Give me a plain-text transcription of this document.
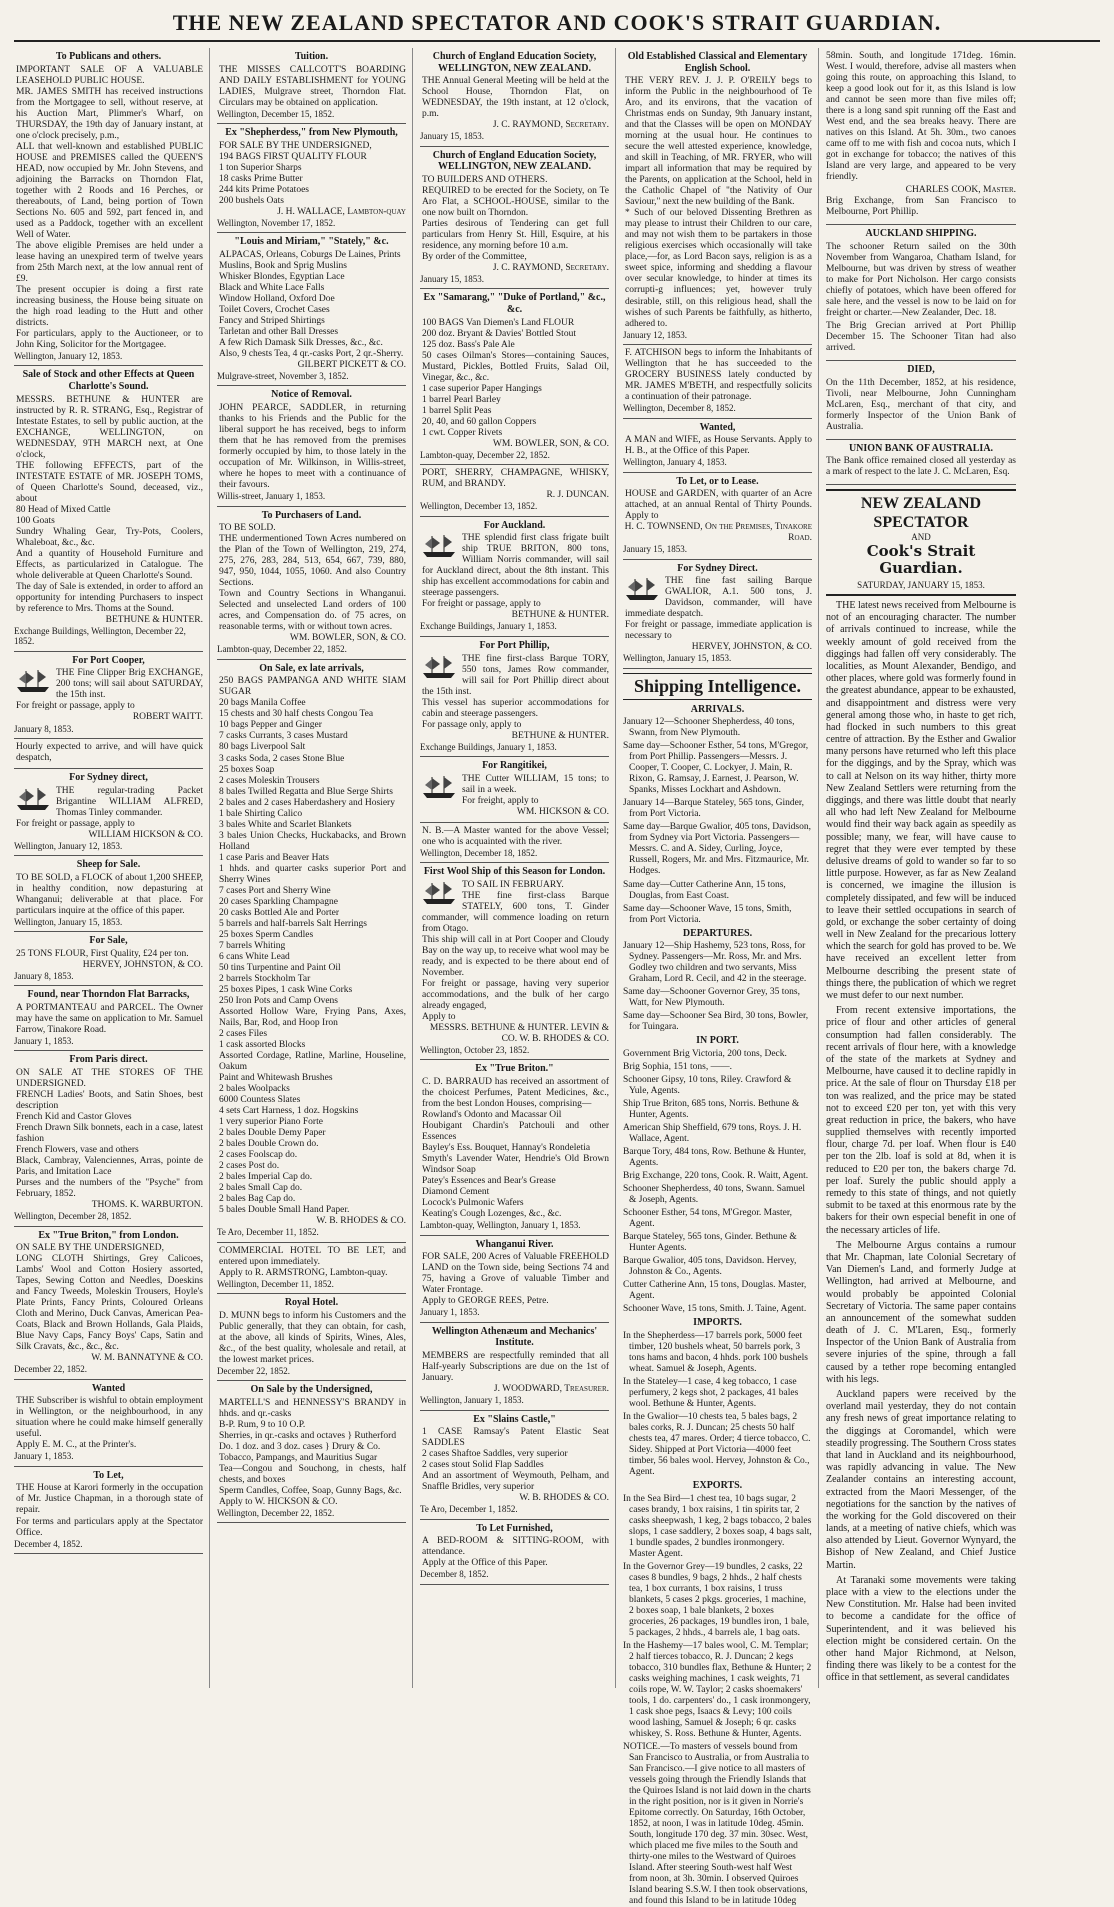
THE NEW ZEALAND SPECTATOR AND COOK'S STRAIT GUARDIAN.
To Publicans and others.

IMPORTANT SALE OF A VALUABLE LEASEHOLD PUBLIC HOUSE.

MR. JAMES SMITH has received instructions from the Mortgagee to sell, without reserve, at his Auction Mart, Plimmer's Wharf, on THURSDAY, the 19th day of January instant, at one o'clock precisely, p.m.,

ALL that well-known and established PUBLIC HOUSE and PREMISES called the QUEEN'S HEAD, now occupied by Mr. John Stevens, and adjoining the Barracks on Thorndon Flat, together with 2 Roods and 16 Perches, or thereabouts, of Land, being portion of Town Sections No. 605 and 592, part fenced in, and used as a Paddock, together with an excellent Well of Water.

The above eligible Premises are held under a lease having an unexpired term of twelve years from 25th March next, at the low annual rent of £9.

The present occupier is doing a first rate increasing business, the House being situate on the high road leading to the Hutt and other districts.

For particulars, apply to the Auctioneer, or to John King, Solicitor for the Mortgagee.

Wellington, January 12, 1853.
Sale of Stock and other Effects at Queen Charlotte's Sound.

MESSRS. BETHUNE & HUNTER are instructed by R. R. STRANG, Esq., Registrar of Intestate Estates, to sell by public auction, at the EXCHANGE, WELLINGTON, on WEDNESDAY, 9TH MARCH next, at One o'clock,

THE following EFFECTS, part of the INTESTATE ESTATE of MR. JOSEPH TOMS, of Queen Charlotte's Sound, deceased, viz., about

80 Head of Mixed Cattle

100 Goats

Sundry Whaling Gear, Try-Pots, Coolers, Whaleboat, &c., &c.

And a quantity of Household Furniture and Effects, as particularized in Catalogue. The whole deliverable at Queen Charlotte's Sound.

The day of Sale is extended, in order to afford an opportunity for intending Purchasers to inspect by reference to Mrs. Thoms at the Sound.

BETHUNE & HUNTER.
Exchange Buildings, Wellington, December 22, 1852.
For Port Cooper,

THE Fine Clipper Brig EXCHANGE, 200 tons; will sail about SATURDAY, the 15th inst.

For freight or passage, apply to

ROBERT WAITT.
January 8, 1853.

Hourly expected to arrive, and will have quick despatch,

For Sydney direct,

THE regular-trading Packet Brigantine WILLIAM ALFRED, Thomas Tinley commander.

For freight or passage, apply to

WILLIAM HICKSON & CO.
Wellington, January 12, 1853.
Sheep for Sale.

TO BE SOLD, a FLOCK of about 1,200 SHEEP, in healthy condition, now depasturing at Whanganui; deliverable at that place. For particulars inquire at the office of this paper.

Wellington, January 15, 1853.
For Sale,

25 TONS FLOUR, First Quality, £24 per ton.

HERVEY, JOHNSTON, & CO.
January 8, 1853.
Found, near Thorndon Flat Barracks,

A PORTMANTEAU and PARCEL. The Owner may have the same on application to Mr. Samuel Farrow, Tinakore Road.

January 1, 1853.
From Paris direct.

ON SALE AT THE STORES OF THE UNDERSIGNED.

FRENCH Ladies' Boots, and Satin Shoes, best description

French Kid and Castor Gloves

French Drawn Silk bonnets, each in a case, latest fashion

French Flowers, vase and others

Black, Cambray, Valenciennes, Arras, pointe de Paris, and Imitation Lace

Purses and the numbers of the "Psyche" from February, 1852.

THOMS. K. WARBURTON.
Wellington, December 28, 1852.
Ex "True Briton," from London.

ON SALE BY THE UNDERSIGNED,

LONG CLOTH Shirtings, Grey Calicoes, Lambs' Wool and Cotton Hosiery assorted, Tapes, Sewing Cotton and Needles, Doeskins and Fancy Tweeds, Moleskin Trousers, Hoyle's Plate Prints, Fancy Prints, Coloured Orleans Cloth and Merino, Duck Canvas, American Pea-Coats, Black and Brown Hollands, Gala Plaids, Blue Navy Caps, Fancy Boys' Caps, Satin and Silk Cravats, &c., &c., &c.

W. M. BANNATYNE & CO.
December 22, 1852.
Wanted

THE Subscriber is wishful to obtain employment in Wellington, or the neighbourhood, in any situation where he could make himself generally useful.

Apply E. M. C., at the Printer's.

January 1, 1853.
To Let,

THE House at Karori formerly in the occupation of Mr. Justice Chapman, in a thorough state of repair.

For terms and particulars apply at the Spectator Office.

December 4, 1852.
Tuition.

THE MISSES CALLCOTT'S BOARDING AND DAILY ESTABLISHMENT for YOUNG LADIES, Mulgrave street, Thorndon Flat. Circulars may be obtained on application.

Wellington, December 15, 1852.
Ex "Shepherdess," from New Plymouth,

FOR SALE BY THE UNDERSIGNED,

194 BAGS FIRST QUALITY FLOUR

1 ton Superior Sharps

18 casks Prime Butter

244 kits Prime Potatoes

200 bushels Oats

J. H. WALLACE, Lambton-quay
Wellington, November 17, 1852.
"Louis and Miriam," "Stately," &c.

ALPACAS, Orleans, Coburgs De Laines, Prints

Muslins, Book and Sprig Muslins

Whisker Blondes, Egyptian Lace

Black and White Lace Falls

Window Holland, Oxford Doe

Toilet Covers, Crochet Cases

Fancy and Striped Shirtings

Tarletan and other Ball Dresses

A few Rich Damask Silk Dresses, &c., &c.

Also, 9 chests Tea, 4 qr.-casks Port, 2 qr.-Sherry.

GILBERT PICKETT & CO.
Mulgrave-street, November 3, 1852.
Notice of Removal.

JOHN PEARCE, SADDLER, in returning thanks to his Friends and the Public for the liberal support he has received, begs to inform them that he has removed from the premises formerly occupied by him, to those lately in the occupation of Mr. Wilkinson, in Willis-street, where he hopes to meet with a continuance of their favours.

Willis-street, January 1, 1853.
To Purchasers of Land.

TO BE SOLD.

THE undermentioned Town Acres numbered on the Plan of the Town of Wellington, 219, 274, 275, 276, 283, 284, 513, 654, 667, 739, 880, 947, 950, 1044, 1055, 1060. And also Country Sections.

Town and Country Sections in Whanganui. Selected and unselected Land orders of 100 acres, and Compensation do. of 75 acres, on reasonable terms, with or without town acres.

WM. BOWLER, SON, & CO.
Lambton-quay, December 22, 1852.
On Sale, ex late arrivals,

250 BAGS PAMPANGA AND WHITE SIAM SUGAR

20 bags Manila Coffee

15 chests and 30 half chests Congou Tea

10 bags Pepper and Ginger

7 casks Currants, 3 cases Mustard

80 bags Liverpool Salt

3 casks Soda, 2 cases Stone Blue

25 boxes Soap

2 cases Moleskin Trousers

8 bales Twilled Regatta and Blue Serge Shirts

2 bales and 2 cases Haberdashery and Hosiery

1 bale Shirting Calico

3 bales White and Scarlet Blankets

3 bales Union Checks, Huckabacks, and Brown Holland

1 case Paris and Beaver Hats

1 hhds. and quarter casks superior Port and Sherry Wines

7 cases Port and Sherry Wine

20 cases Sparkling Champagne

20 casks Bottled Ale and Porter

5 barrels and half-barrels Salt Herrings

25 boxes Sperm Candles

7 barrels Whiting

6 cans White Lead

50 tins Turpentine and Paint Oil

2 barrels Stockholm Tar

25 boxes Pipes, 1 cask Wine Corks

250 Iron Pots and Camp Ovens

Assorted Hollow Ware, Frying Pans, Axes, Nails, Bar, Rod, and Hoop Iron

2 cases Files

1 cask assorted Blocks

Assorted Cordage, Ratline, Marline, Houseline, Oakum

Paint and Whitewash Brushes

2 bales Woolpacks

6000 Countess Slates

4 sets Cart Harness, 1 doz. Hogskins

1 very superior Piano Forte

2 bales Double Demy Paper

2 bales Double Crown do.

2 cases Foolscap do.

2 cases Post do.

2 bales Imperial Cap do.

2 bales Small Cap do.

2 bales Bag Cap do.

5 bales Double Small Hand Paper.

W. B. RHODES & CO.
Te Aro, December 11, 1852.

COMMERCIAL HOTEL TO BE LET, and entered upon immediately.

Apply to R. ARMSTRONG, Lambton-quay.

Wellington, December 11, 1852.
Royal Hotel.

D. MUNN begs to inform his Customers and the Public generally, that they can obtain, for cash, at the above, all kinds of Spirits, Wines, Ales, &c., of the best quality, wholesale and retail, at the lowest market prices.

December 22, 1852.
On Sale by the Undersigned,

MARTELL'S and HENNESSY'S BRANDY in hhds. and qr.-casks

B-P. Rum, 9 to 10 O.P.

Sherries, in qr.-casks and octaves } Rutherford

Do. 1 doz. and 3 doz. cases } Drury & Co.

Tobacco, Pampangs, and Mauritius Sugar

Tea—Congou and Souchong, in chests, half chests, and boxes

Sperm Candles, Coffee, Soap, Gunny Bags, &c.

Apply to W. HICKSON & CO.

Wellington, December 22, 1852.
Church of England Education Society, WELLINGTON, NEW ZEALAND.

THE Annual General Meeting will be held at the School House, Thorndon Flat, on WEDNESDAY, the 19th instant, at 12 o'clock, p.m.

J. C. RAYMOND, Secretary.
January 15, 1853.
Church of England Education Society, WELLINGTON, NEW ZEALAND.

TO BUILDERS AND OTHERS.

REQUIRED to be erected for the Society, on Te Aro Flat, a SCHOOL-HOUSE, similar to the one now built on Thorndon.

Parties desirous of Tendering can get full particulars from Henry St. Hill, Esquire, at his residence, any morning before 10 a.m.

By order of the Committee,

J. C. RAYMOND, Secretary.
January 15, 1853.
Ex "Samarang," "Duke of Portland," &c., &c.

100 BAGS Van Diemen's Land FLOUR

200 doz. Bryant & Davies' Bottled Stout

125 doz. Bass's Pale Ale

50 cases Oilman's Stores—containing Sauces, Mustard, Pickles, Bottled Fruits, Salad Oil, Vinegar, &c., &c.

1 case superior Paper Hangings

1 barrel Pearl Barley

1 barrel Split Peas

20, 40, and 60 gallon Coppers

1 cwt. Copper Rivets

WM. BOWLER, SON, & CO.
Lambton-quay, December 22, 1852.

PORT, SHERRY, CHAMPAGNE, WHISKY, RUM, and BRANDY.

R. J. DUNCAN.
Wellington, December 13, 1852.
For Auckland.

THE splendid first class frigate built ship TRUE BRITON, 800 tons, William Norris commander, will sail for Auckland direct, about the 8th instant. This ship has excellent accommodations for cabin and steerage passengers.

For freight or passage, apply to

BETHUNE & HUNTER.
Exchange Buildings, January 1, 1853.
For Port Phillip,

THE fine first-class Barque TORY, 550 tons, James Row commander, will sail for Port Phillip direct about the 15th inst.

This vessel has superior accommodations for cabin and steerage passengers.

For passage only, apply to

BETHUNE & HUNTER.
Exchange Buildings, January 1, 1853.
For Rangitikei,

THE Cutter WILLIAM, 15 tons; to sail in a week.

For freight, apply to

WM. HICKSON & CO.

N. B.—A Master wanted for the above Vessel; one who is acquainted with the river.

Wellington, December 18, 1852.
First Wool Ship of this Season for London.

TO SAIL IN FEBRUARY.

THE fine first-class Barque STATELY, 600 tons, T. Ginder commander, will commence loading on return from Otago.

This ship will call in at Port Cooper and Cloudy Bay on the way up, to receive what wool may be ready, and is expected to be there about end of November.

For freight or passage, having very superior accommodations, and the bulk of her cargo already engaged,

Apply to

MESSRS. BETHUNE & HUNTER. LEVIN & CO. W. B. RHODES & CO.
Wellington, October 23, 1852.
Ex "True Briton."

C. D. BARRAUD has received an assortment of the choicest Perfumes, Patent Medicines, &c., from the best London Houses, comprising—

Rowland's Odonto and Macassar Oil

Houbigant Chardin's Patchouli and other Essences

Bayley's Ess. Bouquet, Hannay's Rondeletia

Smyth's Lavender Water, Hendrie's Old Brown Windsor Soap

Patey's Essences and Bear's Grease

Diamond Cement

Locock's Pulmonic Wafers

Keating's Cough Lozenges, &c., &c.

Lambton-quay, Wellington, January 1, 1853.
Whanganui River.

FOR SALE, 200 Acres of Valuable FREEHOLD LAND on the Town side, being Sections 74 and 75, having a Grove of valuable Timber and Water Frontage.

Apply to GEORGE REES, Petre.

January 1, 1853.
Wellington Athenæum and Mechanics' Institute.

MEMBERS are respectfully reminded that all Half-yearly Subscriptions are due on the 1st of January.

J. WOODWARD, Treasurer.
Wellington, January 1, 1853.
Ex "Slains Castle,"

1 CASE Ramsay's Patent Elastic Seat SADDLES

2 cases Shaftoe Saddles, very superior

2 cases stout Solid Flap Saddles

And an assortment of Weymouth, Pelham, and Snaffle Bridles, very superior

W. B. RHODES & CO.
Te Aro, December 1, 1852.
To Let Furnished,

A BED-ROOM & SITTING-ROOM, with attendance.

Apply at the Office of this Paper.

December 8, 1852.
Old Established Classical and Elementary English School.

THE VERY REV. J. J. P. O'REILY begs to inform the Public in the neighbourhood of Te Aro, and its environs, that the vacation of Christmas ends on Sunday, 9th January instant, and that the Classes will be open on MONDAY morning at the usual hour. He continues to secure the well attested experience, knowledge, and skill in Teaching, of MR. FRYER, who will impart all information that may be required by the Parents, on application at the School, held in the Catholic Chapel of "the Nativity of Our Saviour," next the new building of the Bank.

* Such of our beloved Dissenting Brethren as may please to intrust their Children to our care, and may not wish them to be partakers in those religious exercises which occasionally will take place,—for, as Lord Bacon says, religion is as a sweet spice, informing and shedding a flavour over secular knowledge, to hinder at times its corrupti-g influences; yet, however truly desirable, still, on this religious head, shall the wishes of such Parents be faithfully, as hitherto, adhered to.

January 12, 1853.

F. ATCHISON begs to inform the Inhabitants of Wellington that he has succeeded to the GROCERY BUSINESS lately conducted by MR. JAMES M'BETH, and respectfully solicits a continuation of their patronage.

Wellington, December 8, 1852.
Wanted,

A MAN and WIFE, as House Servants. Apply to H. B., at the Office of this Paper.

Wellington, January 4, 1853.
To Let, or to Lease.

HOUSE and GARDEN, with quarter of an Acre attached, at an annual Rental of Thirty Pounds. Apply to

H. C. TOWNSEND, On the Premises, Tinakore Road.
January 15, 1853.
For Sydney Direct.

THE fine fast sailing Barque GWALIOR, A.1. 500 tons, J. Davidson, commander, will have immediate despatch.

For freight or passage, immediate application is necessary to

HERVEY, JOHNSTON, & CO.
Wellington, January 15, 1853.
Shipping Intelligence.
ARRIVALS.

January 12—Schooner Shepherdess, 40 tons, Swann, from New Plymouth.

Same day—Schooner Esther, 54 tons, M'Gregor, from Port Phillip. Passengers—Messrs. J. Cooper, T. Cooper, C. Lockyer, J. Main, R. Rixon, G. Ramsay, J. Earnest, J. Pearson, W. Spanks, Misses Lockhart and Ashdown.

January 14—Barque Stateley, 565 tons, Ginder, from Port Victoria.

Same day—Barque Gwalior, 405 tons, Davidson, from Sydney via Port Victoria. Passengers—Messrs. C. and A. Sidey, Curling, Joyce, Russell, Rogers, Mr. and Mrs. Fitzmaurice, Mr. Hodges.

Same day—Cutter Catherine Ann, 15 tons, Douglas, from East Coast.

Same day—Schooner Wave, 15 tons, Smith, from Port Victoria.

DEPARTURES.

January 12—Ship Hashemy, 523 tons, Ross, for Sydney. Passengers—Mr. Ross, Mr. and Mrs. Godley two children and two servants, Miss Graham, Lord R. Cecil, and 42 in the steerage.

Same day—Schooner Governor Grey, 35 tons, Watt, for New Plymouth.

Same day—Schooner Sea Bird, 30 tons, Bowler, for Tuingara.

IN PORT.

Government Brig Victoria, 200 tons, Deck.

Brig Sophia, 151 tons, ——.

Schooner Gipsy, 10 tons, Riley. Crawford & Yule, Agents.

Ship True Briton, 685 tons, Norris. Bethune & Hunter, Agents.

American Ship Sheffield, 679 tons, Roys. J. H. Wallace, Agent.

Barque Tory, 484 tons, Row. Bethune & Hunter, Agents.

Brig Exchange, 220 tons, Cook. R. Waitt, Agent.

Schooner Shepherdess, 40 tons, Swann. Samuel & Joseph, Agents.

Schooner Esther, 54 tons, M'Gregor. Master, Agent.

Barque Stateley, 565 tons, Ginder. Bethune & Hunter Agents.

Barque Gwalior, 405 tons, Davidson. Hervey, Johnston & Co., Agents.

Cutter Catherine Ann, 15 tons, Douglas. Master, Agent.

Schooner Wave, 15 tons, Smith. J. Taine, Agent.

IMPORTS.

In the Shepherdess—17 barrels pork, 5000 feet timber, 120 bushels wheat, 50 barrels pork, 3 tons hams and bacon, 4 hhds. pork 100 bushels wheat. Samuel & Joseph, Agents.

In the Stateley—1 case, 4 keg tobacco, 1 case perfumery, 2 kegs shot, 2 packages, 41 bales wool. Bethune & Hunter, Agents.

In the Gwalior—10 chests tea, 5 bales bags, 2 bales corks, R. J. Duncan; 25 chests 50 half chests tea, 47 mares. Order; 4 tierce tobacco, C. Sidey. Shipped at Port Victoria—4000 feet timber, 56 bales wool. Hervey, Johnston & Co., Agent.

EXPORTS.

In the Sea Bird—1 chest tea, 10 bags sugar, 2 cases brandy, 1 box raisins, 1 tin spirits tar, 2 casks sheepwash, 1 keg, 2 bags tobacco, 2 bales slops, 1 case saddlery, 2 boxes soap, 4 bags salt, 1 bundle spades, 2 bundles ironmongery. Master Agent.

In the Governor Grey—19 bundles, 2 casks, 22 cases 8 bundles, 9 bags, 2 hhds., 2 half chests tea, 1 box currants, 1 box raisins, 1 truss blankets, 5 cases 2 pkgs. groceries, 1 machine, 2 boxes soap, 1 bale blankets, 2 boxes groceries, 26 packages, 19 bundles iron, 1 bale, 5 packages, 2 hhds., 4 barrels ale, 1 bag oats.

In the Hashemy—17 bales wool, C. M. Templar; 2 half tierces tobacco, R. J. Duncan; 2 kegs tobacco, 310 bundles flax, Bethune & Hunter; 2 casks weighing machines, 1 cask weights, 71 coils rope, W. W. Taylor; 2 casks shoemakers' tools, 1 do. carpenters' do., 1 cask ironmongery, 1 cask shoe pegs, Isaacs & Levy; 100 coils wood lashing, Samuel & Joseph; 6 qr. casks whiskey, S. Ross. Bethune & Hunter, Agents.

NOTICE.—To masters of vessels bound from San Francisco to Australia, or from Australia to San Francisco.—I give notice to all masters of vessels going through the Friendly Islands that the Quiroes Island is not laid down in the charts in the right position, nor is it given in Norrie's Epitome correctly. On Saturday, 16th October, 1852, at noon, I was in latitude 10deg. 45min. South, longitude 170 deg. 37 min. 30sec. West, which placed me five miles to the South and thirty-one miles to the Westward of Quiroes Island. After steering South-west half West from noon, at 3h. 30min. I observed Quiroes Island bearing S.S.W. I then took observations, and found this Island to be in latitude 10deg

58min. South, and longitude 171deg. 16min. West. I would, therefore, advise all masters when going this route, on approaching this Island, to keep a good look out for it, as this Island is low and cannot be seen more than five miles off; there is a long sand spit running off the East and West end, and the sea breaks heavy. There are natives on this Island. At 5h. 30m., two canoes came off to me with fish and cocoa nuts, which I got in exchange for tobacco; the natives of this Island are very large, and appeared to be very friendly.

CHARLES COOK, Master.

Brig Exchange, from San Francisco to Melbourne, Port Phillip.

AUCKLAND SHIPPING.

The schooner Return sailed on the 30th November from Wangaroa, Chatham Island, for Melbourne, but was driven by stress of weather to make for Port Nicholson. Her cargo consists chiefly of potatoes, which have been offered for sale here, and the vessel is now to be laid on for freight or charter.—New Zealander, Dec. 18.

The Brig Grecian arrived at Port Phillip December 15. The Schooner Titan had also arrived.

DIED,

On the 11th December, 1852, at his residence, Tivoli, near Melbourne, John Cunningham McLaren, Esq., merchant of that city, and formerly Inspector of the Union Bank of Australia.

UNION BANK OF AUSTRALIA.

The Bank office remained closed all yesterday as a mark of respect to the late J. C. McLaren, Esq.

NEW ZEALAND SPECTATOR
AND
Cook's Strait Guardian.
SATURDAY, JANUARY 15, 1853.

THE latest news received from Melbourne is not of an encouraging character. The number of arrivals continued to increase, while the weekly amount of gold received from the diggings had fallen off very considerably. The localities, as Mount Alexander, Bendigo, and other places, where gold was formerly found in the greatest abundance, appear to be exhausted, and disappointment and distress were very general among those who, in haste to get rich, had flocked in such numbers to this great centre of attraction. By the Esther and Gwalior many persons have returned who left this place for the diggings, and by the Spray, which was to call at Nelson on its way hither, thirty more New Zealand Settlers were returning from the diggings, and there was little doubt that nearly all who had left New Zealand for Melbourne would find their way back again as speedily as possible; many, we fear, will have cause to regret that they were ever tempted by these delusive dreams of gold to wander so far to so little purpose. However, as far as New Zealand is concerned, we imagine the illusion is completely dissipated, and few will be induced to leave their settled occupations in search of gold, or exchange the sober certainty of doing well in New Zealand for the precarious lottery which the search for gold has proved to be. We have received an excellent letter from Melbourne describing the present state of things there, the publication of which we regret we must defer to our next number.

From recent extensive importations, the price of flour and other articles of general consumption had fallen considerably. The recent arrivals of flour here, with a knowledge of the state of the markets at Sydney and Melbourne, have caused it to decline rapidly in price. At the sale of flour on Thursday £18 per ton was realized, and the price may be stated not to exceed £20 per ton, yet with this very great reduction in price, the bakers, who have supplied themselves with recently imported flour, charge 7d. per loaf. When flour is £40 per ton the 2lb. loaf is sold at 8d, when it is reduced to £20 per ton, the bakers charge 7d. per loaf. Surely the public should apply a remedy to this state of things, and not quietly submit to be taxed at this enormous rate by the bakers for their own especial benefit in one of the necessary articles of life.

The Melbourne Argus contains a rumour that Mr. Chapman, late Colonial Secretary of Van Diemen's Land, and formerly Judge at Wellington, had arrived at Melbourne, and would probably be appointed Colonial Secretary of Victoria. The same paper contains an announcement of the somewhat sudden death of J. C. M'Laren, Esq., formerly Inspector of the Union Bank of Australia from severe injuries of the spine, through a fall caused by a tether rope becoming entangled with his legs.

Auckland papers were received by the overland mail yesterday, they do not contain any fresh news of great importance relating to the diggings at Coromandel, which were steadily progressing. The Southern Cross states that land in Auckland and its neighbourhood, was rapidly advancing in value. The New Zealander contains an interesting account, extracted from the Maori Messenger, of the negotiations for the sanction by the natives of the working for the Gold discovered on their lands, at a meeting of native chiefs, which was also attended by Lieut. Governor Wynyard, the Bishop of New Zealand, and Chief Justice Martin.

At Taranaki some movements were taking place with a view to the elections under the New Constitution. Mr. Halse had been invited to become a candidate for the office of Superintendent, and it was believed his election might be considered certain. On the other hand Major Richmond, at Nelson, finding there was likely to be a contest for the office in that settlement, as several candidates
